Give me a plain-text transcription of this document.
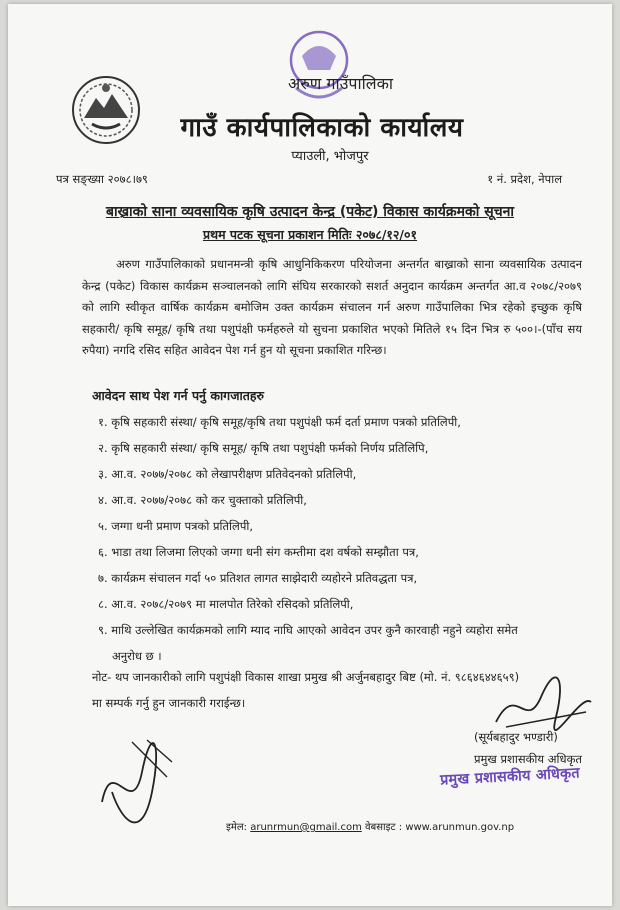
अरुण गाउँपालिका
गाउँ कार्यपालिकाको कार्यालय
प्याउली, भोजपुर
पत्र सङ्ख्या २०७८।७९	१ नं. प्रदेश, नेपाल
बाख्राको साना व्यवसायिक कृषि उत्पादन केन्द्र (पकेट) विकास कार्यक्रमको सूचना
प्रथम पटक सूचना प्रकाशन मितिः २०७८/१२/०१
अरुण गाउँपालिकाको प्रधानमन्त्री कृषि आधुनिकिकरण परियोजना अन्तर्गत बाख्राको साना व्यवसायिक उत्पादन केन्द्र (पकेट) विकास कार्यक्रम सञ्चालनको लागि संघिय सरकारको सशर्त अनुदान कार्यक्रम अन्तर्गत आ.व २०७८/२०७९ को लागि स्वीकृत वार्षिक कार्यक्रम बमोजिम उक्त कार्यक्रम संचालन गर्न अरुण गाउँपालिका भित्र रहेको इच्छुक कृषि सहकारी/ कृषि समूह/ कृषि तथा पशुपंक्षी फर्महरुले यो सुचना प्रकाशित भएको मितिले १५ दिन भित्र रु ५००।-(पाँच सय रुपैया) नगदि रसिद सहित आवेदन पेश गर्न हुन यो सूचना प्रकाशित गरिन्छ।
आवेदन साथ पेश गर्न पर्नु कागजातहरु
१. कृषि सहकारी संस्था/ कृषि समूह/कृषि तथा पशुपंक्षी फर्म दर्ता प्रमाण पत्रको प्रतिलिपी,
२. कृषि सहकारी संस्था/ कृषि समूह/ कृषि तथा पशुपंक्षी फर्मको निर्णय प्रतिलिपि,
३. आ.व. २०७७/२०७८ को लेखापरीक्षण प्रतिवेदनको प्रतिलिपी,
४. आ.व. २०७७/२०७८ को कर चुक्ताको प्रतिलिपी,
५. जग्गा धनी प्रमाण पत्रको प्रतिलिपी,
६. भाडा तथा लिजमा लिएको जग्गा धनी संग कम्तीमा दश वर्षको सम्झौता पत्र,
७. कार्यक्रम संचालन गर्दा ५० प्रतिशत लागत साझेदारी व्यहोरने प्रतिवद्धता पत्र,
८. आ.व. २०७८/२०७९ मा मालपोत तिरेको रसिदको प्रतिलिपी,
९. माथि उल्लेखित कार्यक्रमको लागि म्याद नाघि आएको आवेदन उपर कुनै कारवाही नहुने व्यहोरा समेत
अनुरोध छ ।
नोट- थप जानकारीको लागि पशुपंक्षी विकास शाखा प्रमुख श्री अर्जुनबहादुर बिष्ट (मो. नं. ९८६४६४४६५९)
मा सम्पर्क गर्नु हुन जानकारी गराईन्छ।
(सूर्यबहादुर भण्डारी)
प्रमुख प्रशासकीय अधिकृत
प्रमुख प्रशासकीय अधिकृत
इमेल: arunrmun@gmail.com वेबसाइट : www.arunmun.gov.np
